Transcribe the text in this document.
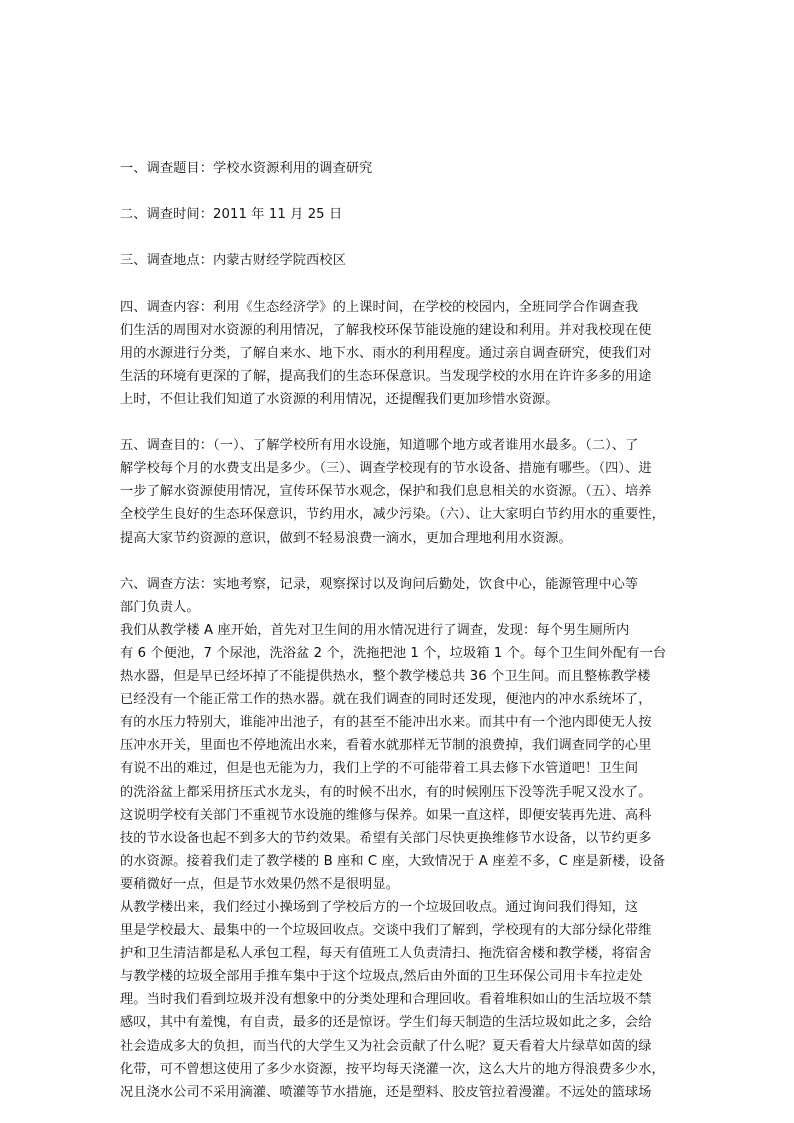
一、调查题目：学校水资源利用的调查研究
二、调查时间：2011 年 11 月 25 日
三、调查地点：内蒙古财经学院西校区
四、调查内容：利用《生态经济学》的上课时间，在学校的校园内，全班同学合作调查我
们生活的周围对水资源的利用情况，了解我校环保节能设施的建设和利用。并对我校现在使
用的水源进行分类，了解自来水、地下水、雨水的利用程度。通过亲自调查研究，使我们对
生活的环境有更深的了解，提高我们的生态环保意识。当发现学校的水用在许许多多的用途
上时，不但让我们知道了水资源的利用情况，还提醒我们更加珍惜水资源。
五、调查目的：（一）、了解学校所有用水设施，知道哪个地方或者谁用水最多。（二）、了
解学校每个月的水费支出是多少。（三）、调查学校现有的节水设备、措施有哪些。（四）、进
一步了解水资源使用情况，宣传环保节水观念，保护和我们息息相关的水资源。（五）、培养
全校学生良好的生态环保意识，节约用水，减少污染。（六）、让大家明白节约用水的重要性，
提高大家节约资源的意识，做到不轻易浪费一滴水，更加合理地利用水资源。
六、调查方法：实地考察，记录，观察探讨以及询问后勤处，饮食中心，能源管理中心等
部门负责人。
我们从教学楼 A 座开始，首先对卫生间的用水情况进行了调查，发现：每个男生厕所内
有 6 个便池，7 个尿池，洗浴盆 2 个，洗拖把池 1 个，垃圾箱 1 个。每个卫生间外配有一台
热水器，但是早已经坏掉了不能提供热水，整个教学楼总共 36 个卫生间。而且整栋教学楼
已经没有一个能正常工作的热水器。就在我们调查的同时还发现，便池内的冲水系统坏了，
有的水压力特别大，谁能冲出池子，有的甚至不能冲出水来。而其中有一个池内即使无人按
压冲水开关，里面也不停地流出水来，看着水就那样无节制的浪费掉，我们调查同学的心里
有说不出的难过，但是也无能为力，我们上学的不可能带着工具去修下水管道吧！卫生间
的洗浴盆上都采用挤压式水龙头，有的时候不出水，有的时候刚压下没等洗手呢又没水了。
这说明学校有关部门不重视节水设施的维修与保养。如果一直这样，即便安装再先进、高科
技的节水设备也起不到多大的节约效果。希望有关部门尽快更换维修节水设备，以节约更多
的水资源。接着我们走了教学楼的 B 座和 C 座，大致情况于 A 座差不多，C 座是新楼，设备
要稍微好一点，但是节水效果仍然不是很明显。
从教学楼出来，我们经过小操场到了学校后方的一个垃圾回收点。通过询问我们得知，这
里是学校最大、最集中的一个垃圾回收点。交谈中我们了解到，学校现有的大部分绿化带维
护和卫生清洁都是私人承包工程，每天有值班工人负责清扫、拖洗宿舍楼和教学楼，将宿舍
与教学楼的垃圾全部用手推车集中于这个垃圾点,然后由外面的卫生环保公司用卡车拉走处
理。当时我们看到垃圾并没有想象中的分类处理和合理回收。看着堆积如山的生活垃圾不禁
感叹，其中有羞愧，有自责，最多的还是惊讶。学生们每天制造的生活垃圾如此之多，会给
社会造成多大的负担，而当代的大学生又为社会贡献了什么呢？夏天看着大片绿草如茵的绿
化带，可不曾想这使用了多少水资源，按平均每天浇灌一次，这么大片的地方得浪费多少水，
况且浇水公司不采用滴灌、喷灌等节水措施，还是塑料、胶皮管拉着漫灌。不远处的篮球场
